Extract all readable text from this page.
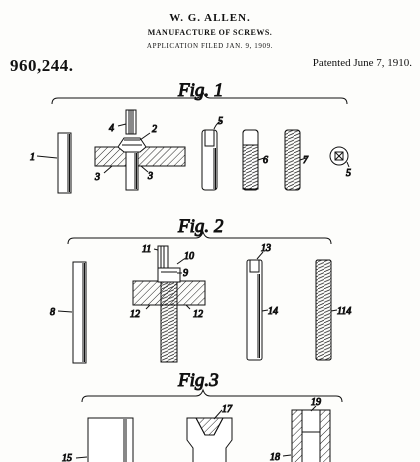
W. G. ALLEN.
MANUFACTURE OF SCREWS.
APPLICATION FILED JAN. 9, 1909.
960,244.	Patented June 7, 1910.
Fig. 1
1
4	2
3	3
5
6	7
5
Fig. 2
8
11
10
9
12	12
13
14	114
Fig.3
15
17
19
18
